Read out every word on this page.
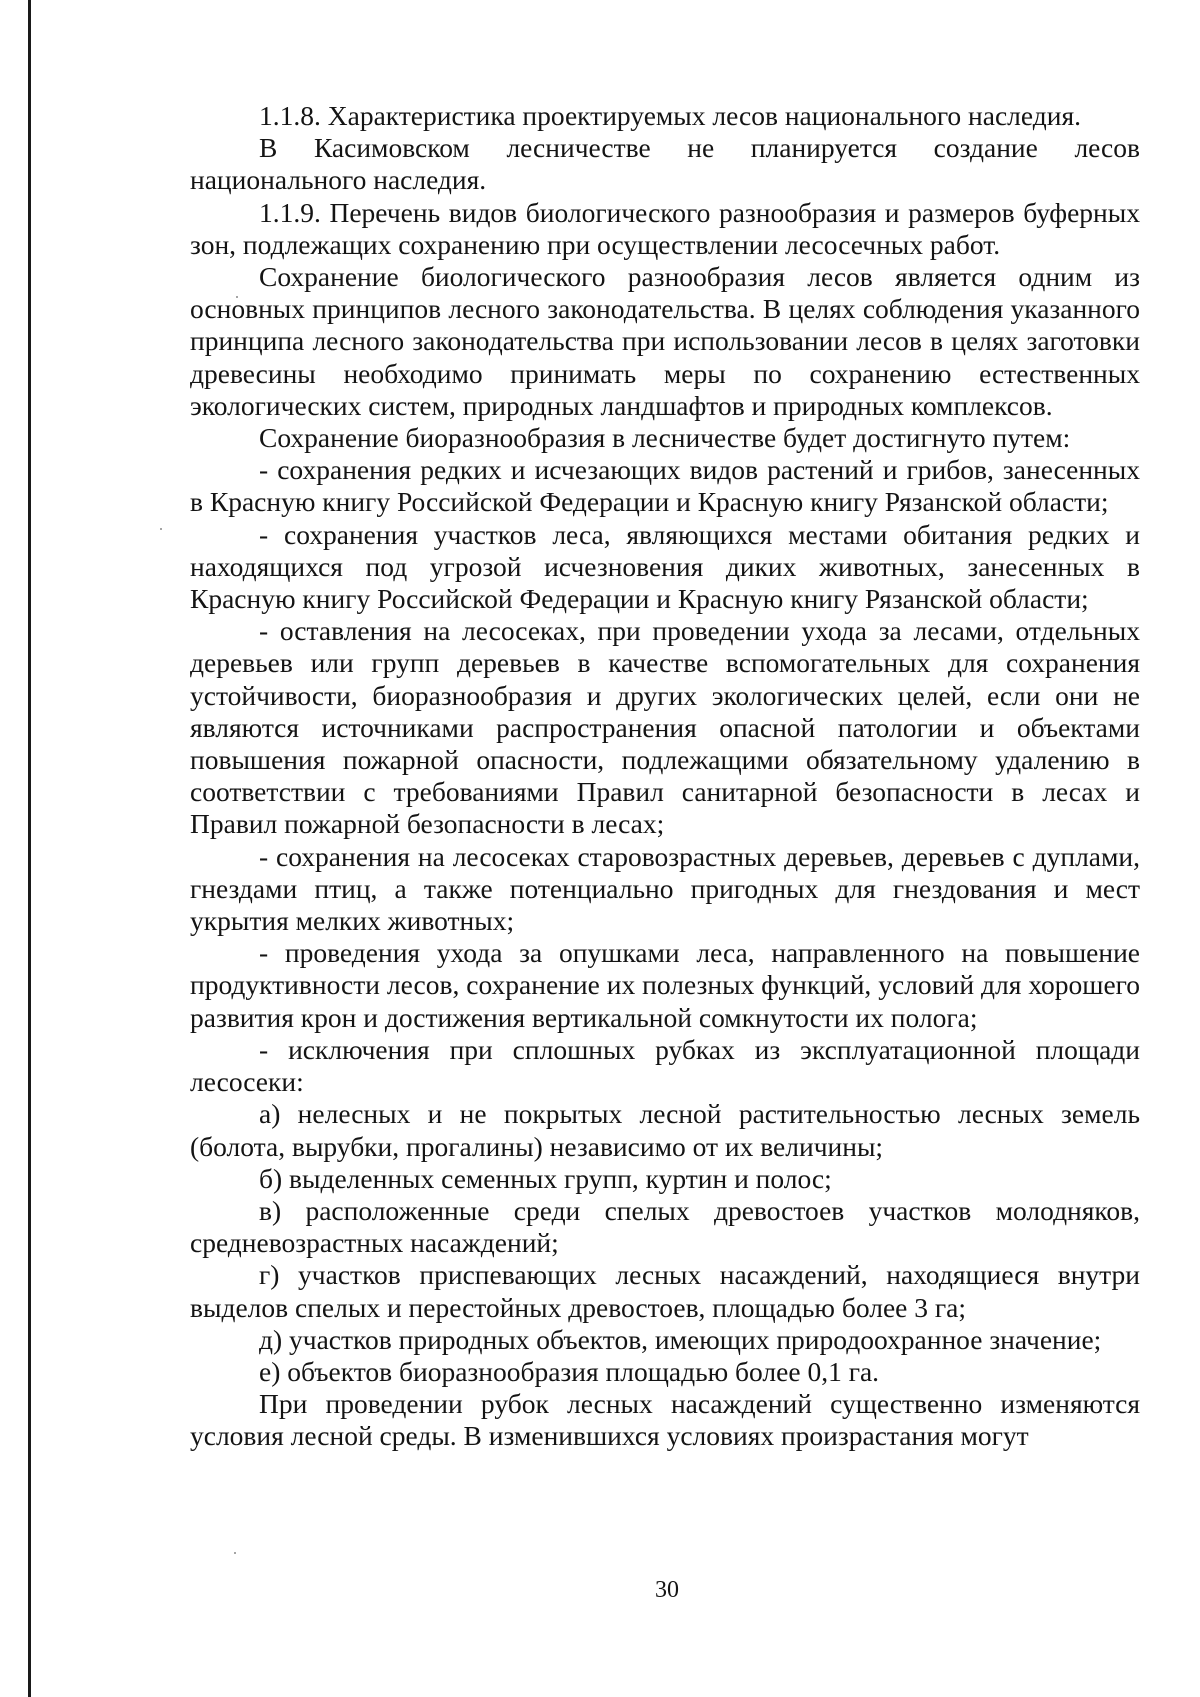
1.1.8. Характеристика проектируемых лесов национального наследия.

В Касимовском лесничестве не планируется создание лесов национального наследия.

1.1.9. Перечень видов биологического разнообразия и размеров буферных зон, подлежащих сохранению при осуществлении лесосечных работ.

Сохранение биологического разнообразия лесов является одним из основных принципов лесного законодательства. В целях соблюдения указанного принципа лесного законодательства при использовании лесов в целях заготовки древесины необходимо принимать меры по сохранению естественных экологических систем, природных ландшафтов и природных комплексов.

Сохранение биоразнообразия в лесничестве будет достигнуто путем:

- сохранения редких и исчезающих видов растений и грибов, занесенных в Красную книгу Российской Федерации и Красную книгу Рязанской области;

- сохранения участков леса, являющихся местами обитания редких и находящихся под угрозой исчезновения диких животных, занесенных в Красную книгу Российской Федерации и Красную книгу Рязанской области;

- оставления на лесосеках, при проведении ухода за лесами, отдельных деревьев или групп деревьев в качестве вспомогательных для сохранения устойчивости, биоразнообразия и других экологических целей, если они не являются источниками распространения опасной патологии и объектами повышения пожарной опасности, подлежащими обязательному удалению в соответствии с требованиями Правил санитарной безопасности в лесах и Правил пожарной безопасности в лесах;

- сохранения на лесосеках старовозрастных деревьев, деревьев с дуплами, гнездами птиц, а также потенциально пригодных для гнездования и мест укрытия мелких животных;

- проведения ухода за опушками леса, направленного на повышение продуктивности лесов, сохранение их полезных функций, условий для хорошего развития крон и достижения вертикальной сомкнутости их полога;

- исключения при сплошных рубках из эксплуатационной площади лесосеки:

а) нелесных и не покрытых лесной растительностью лесных земель (болота, вырубки, прогалины) независимо от их величины;

б) выделенных семенных групп, куртин и полос;

в) расположенные среди спелых древостоев участков молодняков, средневозрастных насаждений;

г) участков приспевающих лесных насаждений, находящиеся внутри выделов спелых и перестойных древостоев, площадью более 3 га;

д) участков природных объектов, имеющих природоохранное значение;

е) объектов биоразнообразия площадью более 0,1 га.

При проведении рубок лесных насаждений существенно изменяются условия лесной среды. В изменившихся условиях произрастания могут

30
